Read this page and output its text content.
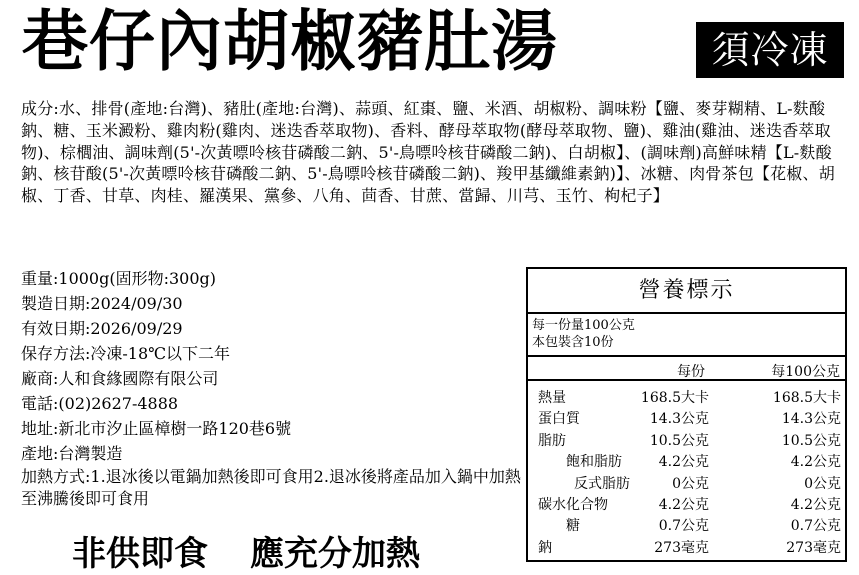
巷仔內胡椒豬肚湯	須冷凍
成分:水、排骨(產地:台灣)、豬肚(產地:台灣)、蒜頭、紅棗、鹽、米酒、胡椒粉、調味粉【鹽、麥芽糊精、L-麩酸鈉、糖、玉米澱粉、雞肉粉(雞肉、迷迭香萃取物)、香料、酵母萃取物(酵母萃取物、鹽)、雞油(雞油、迷迭香萃取物)、棕櫚油、調味劑(5'-次黃嘌呤核苷磷酸二鈉、5'-鳥嘌呤核苷磷酸二鈉)、白胡椒】、(調味劑)高鮮味精【L-麩酸鈉、核苷酸(5'-次黃嘌呤核苷磷酸二鈉、5'-鳥嘌呤核苷磷酸二鈉)、羧甲基纖維素鈉)】、冰糖、肉骨茶包【花椒、胡椒、丁香、甘草、肉桂、羅漢果、黨參、八角、茴香、甘蔗、當歸、川芎、玉竹、枸杞子】
重量:1000g(固形物:300g)
製造日期:2024/09/30
有效日期:2026/09/29
保存方法:冷凍-18℃以下二年
廠商:人和食緣國際有限公司
電話:(02)2627-4888
地址:新北市汐止區樟樹一路120巷6號
產地:台灣製造
加熱方式:1.退冰後以電鍋加熱後即可食用2.退冰後將產品加入鍋中加熱至沸騰後即可食用
非供即食 應充分加熱
營養標示
每一份量100公克
本包裝含10份
每份	每100公克
熱量	168.5大卡	168.5大卡
蛋白質	14.3公克	14.3公克
脂肪	10.5公克	10.5公克
飽和脂肪	4.2公克	4.2公克
反式脂肪	0公克	0公克
碳水化合物	4.2公克	4.2公克
糖	0.7公克	0.7公克
鈉	273毫克	273毫克
